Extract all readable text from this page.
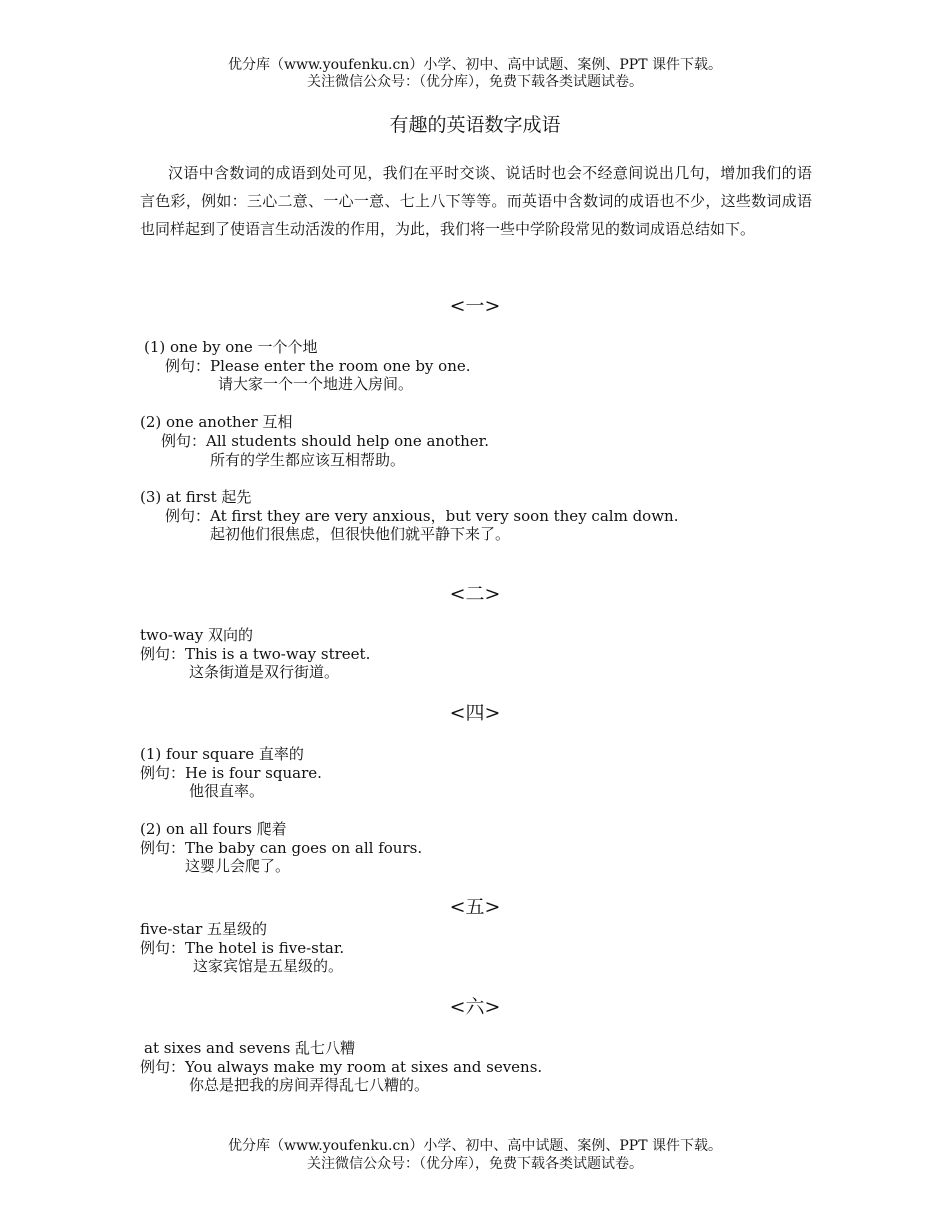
优分库（www.youfenku.cn）小学、初中、高中试题、案例、PPT 课件下载。
关注微信公众号：（优分库），免费下载各类试题试卷。
有趣的英语数字成语
汉语中含数词的成语到处可见，我们在平时交谈、说话时也会不经意间说出几句，增加我们的语言色彩，例如：三心二意、一心一意、七上八下等等。而英语中含数词的成语也不少，这些数词成语也同样起到了使语言生动活泼的作用，为此，我们将一些中学阶段常见的数词成语总结如下。
<一>
(1) one by one 一个个地
例句：Please enter the room one by one.
请大家一个一个地进入房间。
(2) one another 互相
例句：All students should help one another.
所有的学生都应该互相帮助。
(3) at first 起先
例句：At first they are very anxious，but very soon they calm down.
起初他们很焦虑，但很快他们就平静下来了。
<二>
two-way 双向的
例句：This is a two-way street.
这条街道是双行街道。
<四>
(1) four square 直率的
例句：He is four square.
他很直率。
(2) on all fours 爬着
例句：The baby can goes on all fours.
这婴儿会爬了。
<五>
five-star 五星级的
例句：The hotel is five-star.
这家宾馆是五星级的。
<六>
at sixes and sevens 乱七八糟
例句：You always make my room at sixes and sevens.
你总是把我的房间弄得乱七八糟的。
优分库（www.youfenku.cn）小学、初中、高中试题、案例、PPT 课件下载。
关注微信公众号：（优分库），免费下载各类试题试卷。
